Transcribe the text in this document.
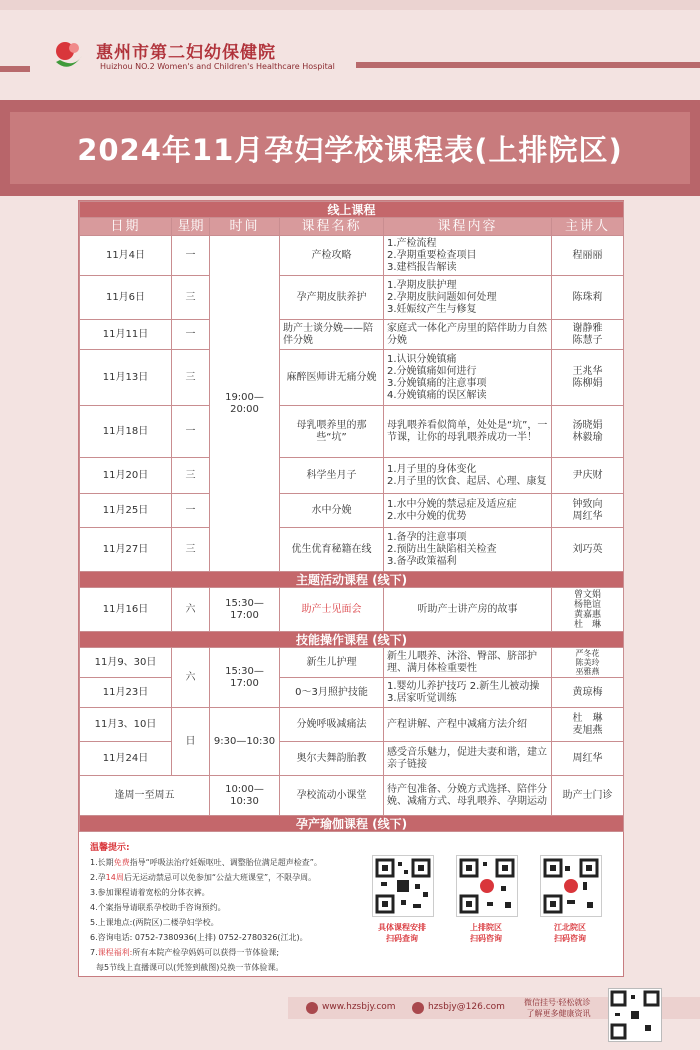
惠州市第二妇幼保健院
Huizhou NO.2 Women's and Children's Healthcare Hospital
2024年11月孕妇学校课程表(上排院区)
线上课程					
日期	星期	时间	课程名称	课程内容	主讲人
11月4日	一	19:00—20:00	产检攻略	1.产检流程
2.孕期重要检查项目
3.建档报告解读	程丽丽
11月6日	三		孕产期皮肤养护	1.孕期皮肤护理
2.孕期皮肤问题如何处理
3.妊娠纹产生与修复	陈珠莉
11月11日	一		助产士谈分娩——陪伴分娩	家庭式一体化产房里的陪伴助力自然分娩	谢静雅
陈慧子
11月13日	三		麻醉医师讲无痛分娩	1.认识分娩镇痛
2.分娩镇痛如何进行
3.分娩镇痛的注意事项
4.分娩镇痛的误区解读	王兆华
陈柳娟
11月18日	一		母乳喂养里的那些“坑”	母乳喂养看似简单，处处是“坑”，一节课，让你的母乳喂养成功一半！	汤晓娟
林毅瑜
11月20日	三		科学坐月子	1.月子里的身体变化
2.月子里的饮食、起居、心理、康复	尹庆财
11月25日	一		水中分娩	1.水中分娩的禁忌症及适应症
2.水中分娩的优势	钟致向
周红华
11月27日	三		优生优育秘籍在线	1.备孕的注意事项
2.预防出生缺陷相关检查
3.备孕政策福利	刘巧英
主题活动课程 (线下)					
11月16日	六	15:30—17:00	助产士见面会	听助产士讲产房的故事	曾文娟
杨艳谊
黄嘉惠
杜　琳
技能操作课程 (线下)					
11月9、30日	六	15:30—17:00	新生儿护理	新生儿喂养、沐浴、臀部、脐部护理、满月体检重要性	严冬花
陈美玲
巫雅燕
11月23日			0～3月照护技能	1.婴幼儿养护技巧 2.新生儿被动操
3.居家听觉训练	黄琼梅
11月3、10日	日	9:30—10:30	分娩呼吸减痛法	产程讲解、产程中减痛方法介绍	杜　琳
麦旭燕
11月24日			奥尔夫舞韵胎教	感受音乐魅力，促进夫妻和谐，建立亲子链接	周红华
逢周一至周五		10:00—10:30	孕校流动小课堂	待产包准备、分娩方式选择、陪伴分娩、减痛方式、母乳喂养、孕期运动	助产士门诊
孕产瑜伽课程 (线下)					
温馨提示:
1.长期免费指导“呼吸法治疗妊娠呕吐、调整胎位满足超声检查”。
2.孕14周后无运动禁忌可以免参加“公益大班课堂”，不限孕周。
3.参加课程请着宽松的分体衣裤。
4.个案指导请联系孕校助手咨询预约。
5.上课地点:(两院区)二楼孕妇学校。
6.咨询电话: 0752-7380936(上排) 0752-2780326(江北)。
7.课程福利:所有本院产检孕妈妈可以获得一节体验课;
每5节线上直播课可以(凭签到截图)兑换一节体验课。
具体课程安排
扫码查询
上排院区
扫码咨询
江北院区
扫码咨询
www.hzsbjy.com	hzsbjy@126.com 微信挂号·轻松就诊
了解更多健康资讯
